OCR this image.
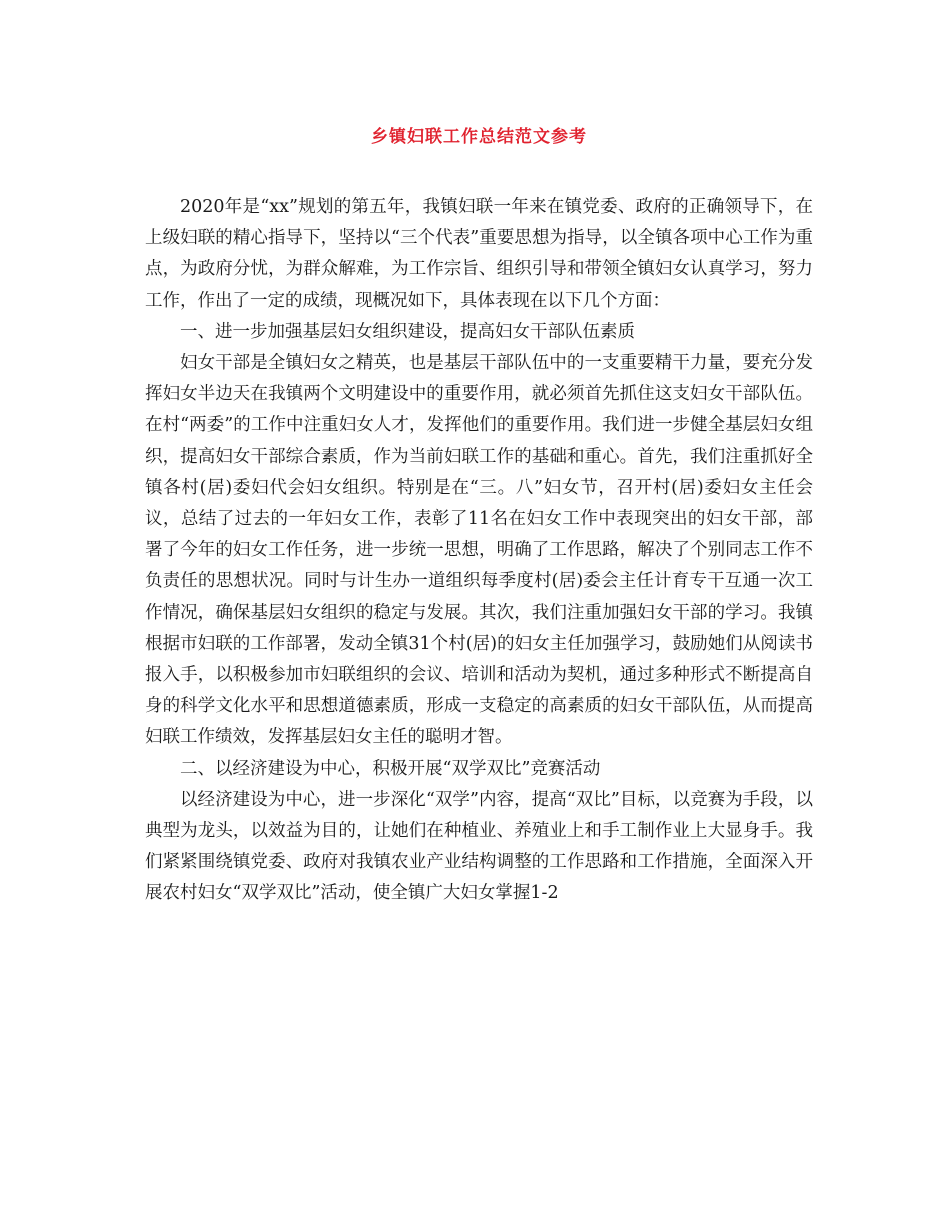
乡镇妇联工作总结范文参考

2020年是“xx”规划的第五年，我镇妇联一年来在镇党委、政府的正确领导下，在上级妇联的精心指导下，坚持以“三个代表”重要思想为指导，以全镇各项中心工作为重点，为政府分忧，为群众解难，为工作宗旨、组织引导和带领全镇妇女认真学习，努力工作，作出了一定的成绩，现概况如下，具体表现在以下几个方面：

一、进一步加强基层妇女组织建设，提高妇女干部队伍素质

妇女干部是全镇妇女之精英，也是基层干部队伍中的一支重要精干力量，要充分发挥妇女半边天在我镇两个文明建设中的重要作用，就必须首先抓住这支妇女干部队伍。在村“两委”的工作中注重妇女人才，发挥他们的重要作用。我们进一步健全基层妇女组织，提高妇女干部综合素质，作为当前妇联工作的基础和重心。首先，我们注重抓好全镇各村(居)委妇代会妇女组织。特别是在“三。八”妇女节，召开村(居)委妇女主任会议，总结了过去的一年妇女工作，表彰了11名在妇女工作中表现突出的妇女干部，部署了今年的妇女工作任务，进一步统一思想，明确了工作思路，解决了个别同志工作不负责任的思想状况。同时与计生办一道组织每季度村(居)委会主任计育专干互通一次工作情况，确保基层妇女组织的稳定与发展。其次，我们注重加强妇女干部的学习。我镇根据市妇联的工作部署，发动全镇31个村(居)的妇女主任加强学习，鼓励她们从阅读书报入手，以积极参加市妇联组织的会议、培训和活动为契机，通过多种形式不断提高自身的科学文化水平和思想道德素质，形成一支稳定的高素质的妇女干部队伍，从而提高妇联工作绩效，发挥基层妇女主任的聪明才智。

二、以经济建设为中心，积极开展“双学双比”竞赛活动

以经济建设为中心，进一步深化“双学”内容，提高“双比”目标，以竞赛为手段，以典型为龙头，以效益为目的，让她们在种植业、养殖业上和手工制作业上大显身手。我们紧紧围绕镇党委、政府对我镇农业产业结构调整的工作思路和工作措施，全面深入开展农村妇女“双学双比”活动，使全镇广大妇女掌握1-2
